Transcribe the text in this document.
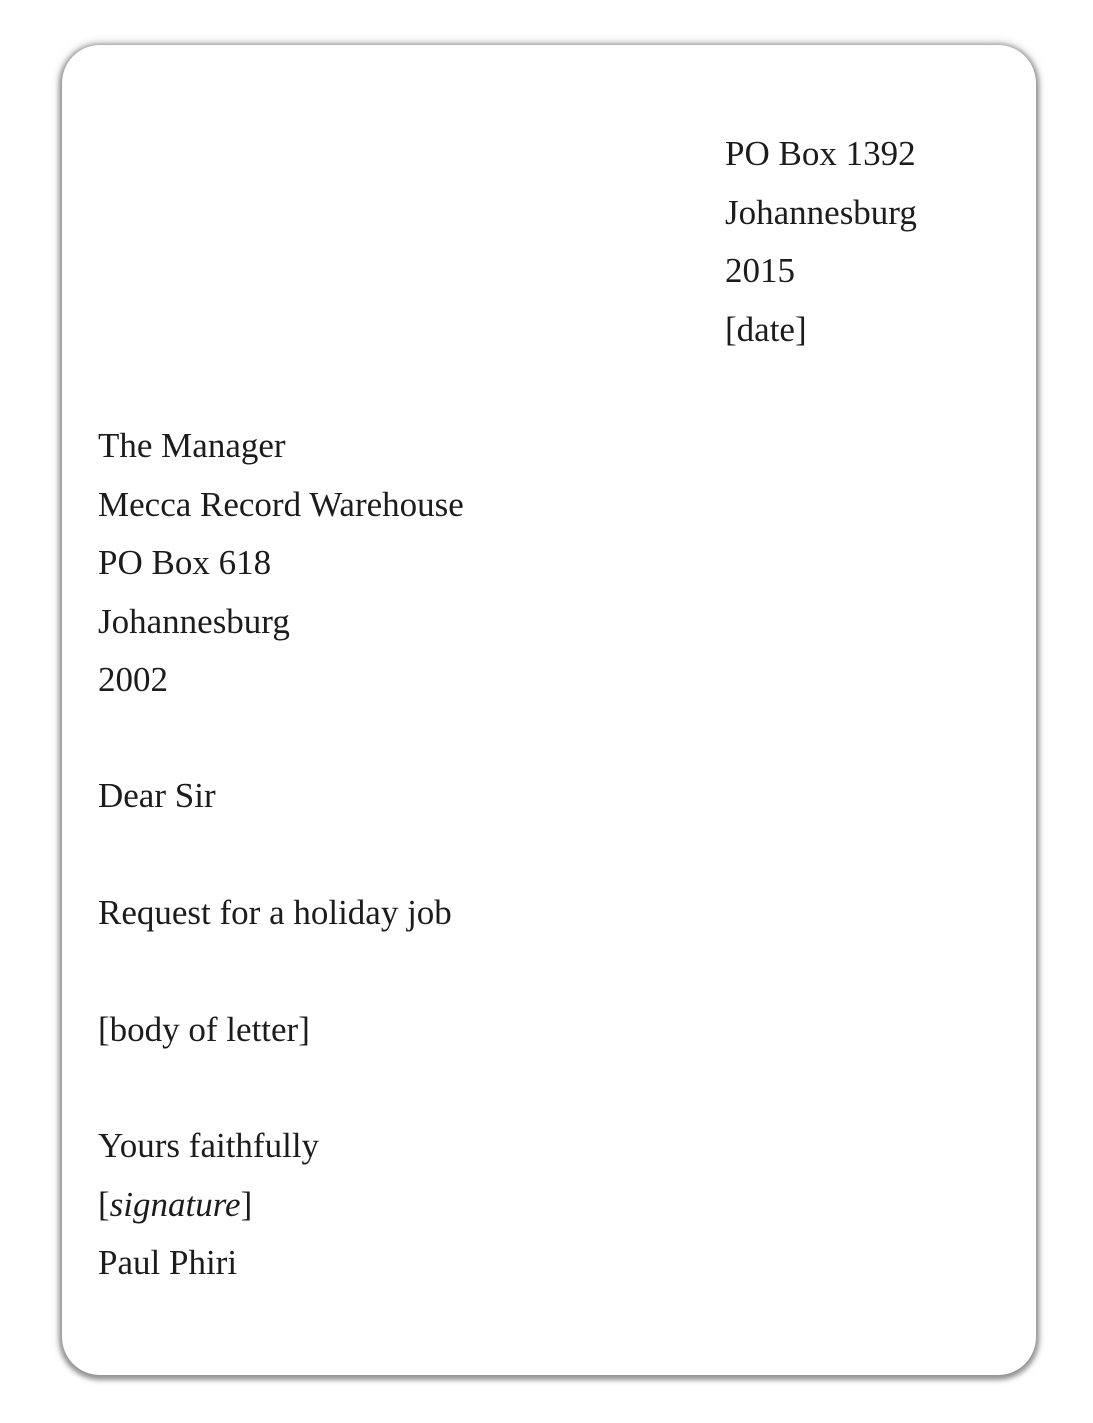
PO Box 1392
Johannesburg
2015
[date]
The Manager
Mecca Record Warehouse
PO Box 618
Johannesburg
2002
Dear Sir
Request for a holiday job
[body of letter]
Yours faithfully
[signature]
Paul Phiri
